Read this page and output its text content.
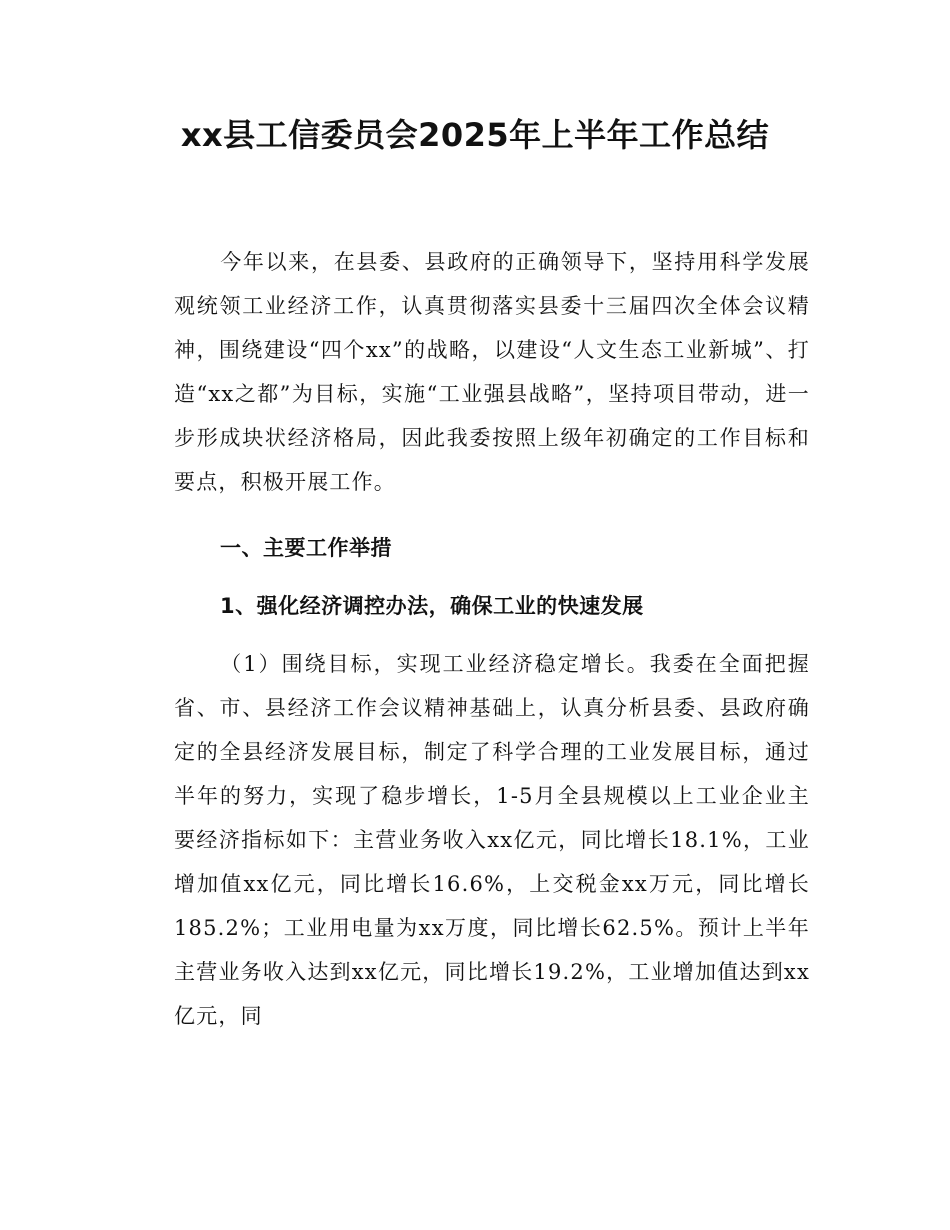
xx县工信委员会2025年上半年工作总结

今年以来，在县委、县政府的正确领导下，坚持用科学发展观统领工业经济工作，认真贯彻落实县委十三届四次全体会议精神，围绕建设“四个xx”的战略，以建设“人文生态工业新城”、打造“xx之都”为目标，实施“工业强县战略”，坚持项目带动，进一步形成块状经济格局，因此我委按照上级年初确定的工作目标和要点，积极开展工作。

一、主要工作举措
1、强化经济调控办法，确保工业的快速发展

（1）围绕目标，实现工业经济稳定增长。我委在全面把握省、市、县经济工作会议精神基础上，认真分析县委、县政府确定的全县经济发展目标，制定了科学合理的工业发展目标，通过半年的努力，实现了稳步增长，1-5月全县规模以上工业企业主要经济指标如下：主营业务收入xx亿元，同比增长18.1%，工业增加值xx亿元，同比增长16.6%，上交税金xx万元，同比增长185.2%；工业用电量为xx万度，同比增长62.5%。预计上半年主营业务收入达到xx亿元，同比增长19.2%，工业增加值达到xx亿元，同
